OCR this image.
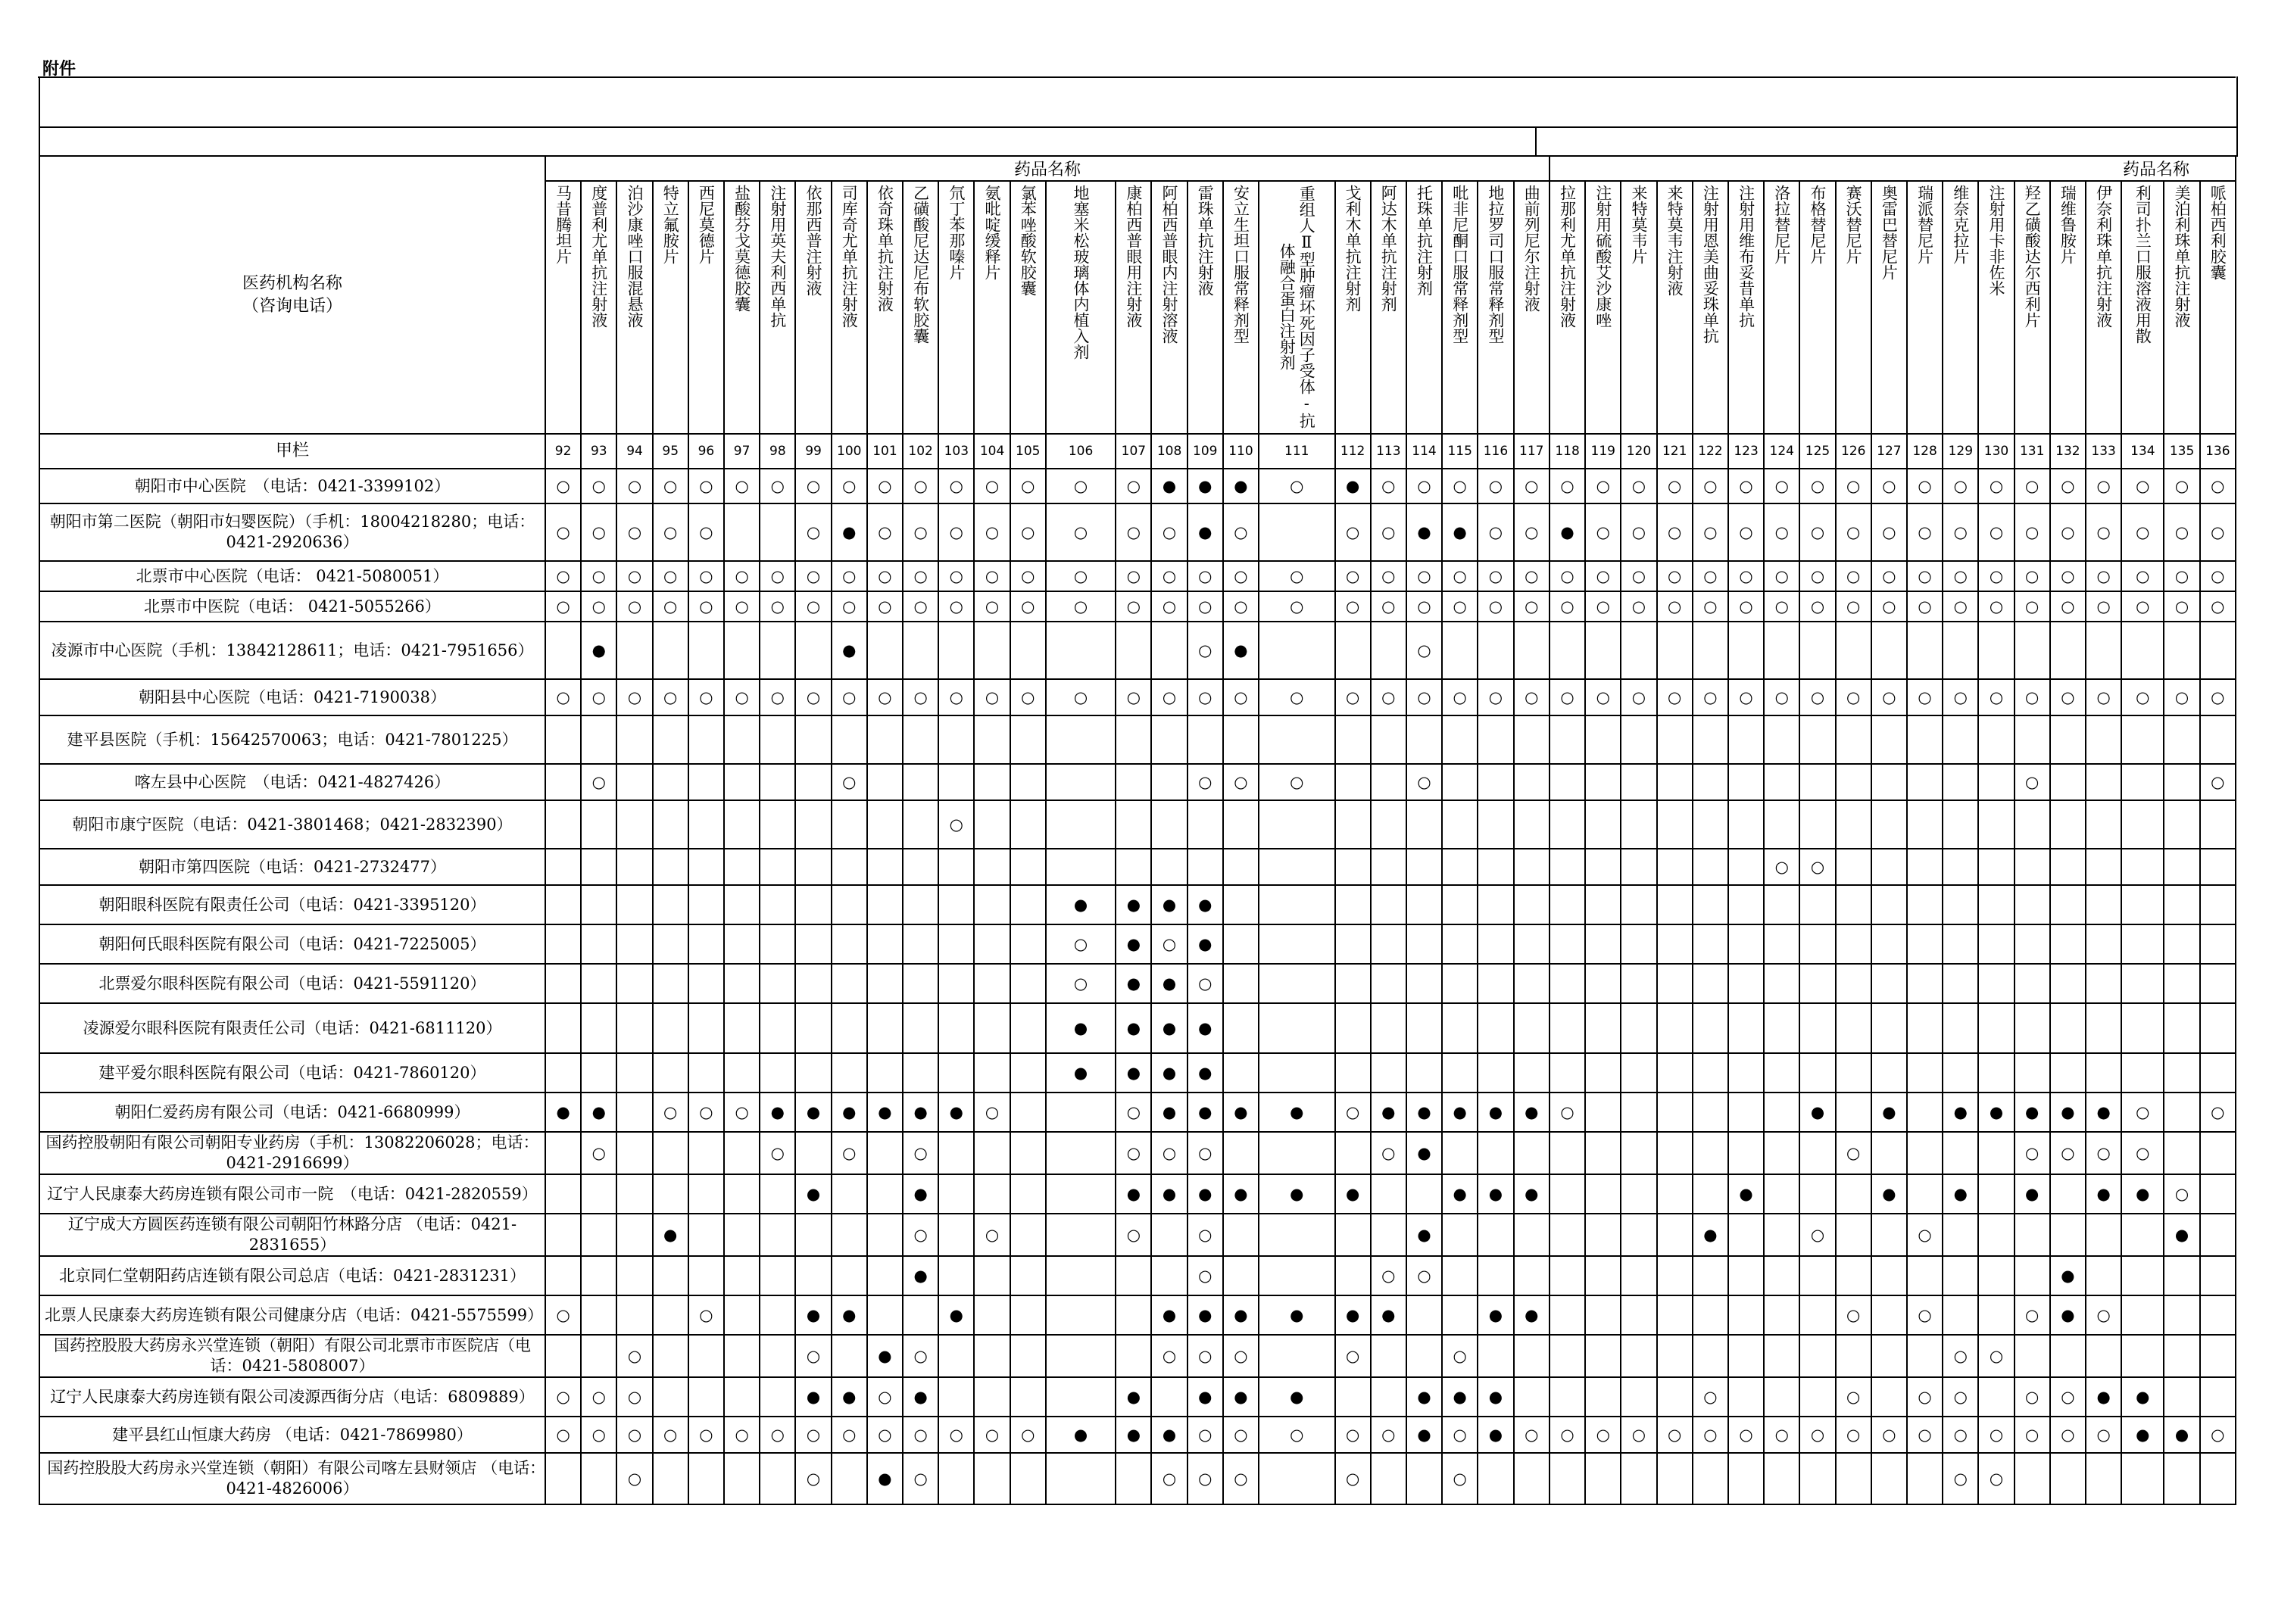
附件
医药机构名称
（咨询电话）	药品名称																										药品名称																		
	马昔腾坦片	度普利尤单抗注射液	泊沙康唑口服混悬液	特立氟胺片	西尼莫德片	盐酸芬戈莫德胶囊	注射用英夫利西单抗	依那西普注射液	司库奇尤单抗注射液	依奇珠单抗注射液	乙磺酸尼达尼布软胶囊	氘丁苯那嗪片	氨吡啶缓释片	氯苯唑酸软胶囊	地塞米松玻璃体内植入剂	康柏西普眼用注射液	阿柏西普眼内注射溶液	雷珠单抗注射液	安立生坦口服常释剂型	重组人Ⅱ型肿瘤坏死因子受体-抗体融合蛋白注射剂	戈利木单抗注射剂	阿达木单抗注射剂	托珠单抗注射剂	吡非尼酮口服常释剂型	地拉罗司口服常释剂型	曲前列尼尔注射液	拉那利尤单抗注射液	注射用硫酸艾沙康唑	来特莫韦片	来特莫韦注射液	注射用恩美曲妥珠单抗	注射用维布妥昔单抗	洛拉替尼片	布格替尼片	赛沃替尼片	奥雷巴替尼片	瑞派替尼片	维奈克拉片	注射用卡非佐米	羟乙磺酸达尔西利片	瑞维鲁胺片	伊奈利珠单抗注射液	利司扑兰口服溶液用散	美泊利珠单抗注射液	哌柏西利胶囊
甲栏	92	93	94	95	96	97	98	99	100	101	102	103	104	105	106	107	108	109	110	111	112	113	114	115	116	117	118	119	120	121	122	123	124	125	126	127	128	129	130	131	132	133	134	135	136
朝阳市中心医院　（电话：0421-3399102）	○	○	○	○	○	○	○	○	○	○	○	○	○	○	○	○	●	●	●	○	●	○	○	○	○	○	○	○	○	○	○	○	○	○	○	○	○	○	○	○	○	○	○	○	○
朝阳市第二医院（朝阳市妇婴医院）（手机：18004218280；电话： 0421-2920636）	○	○	○	○	○			○	●	○	○	○	○	○	○	○	○	●	○		○	○	●	●	○	○	●	○	○	○	○	○	○	○	○	○	○	○	○	○	○	○	○	○	○
北票市中心医院（电话： 0421-5080051）	○	○	○	○	○	○	○	○	○	○	○	○	○	○	○	○	○	○	○	○	○	○	○	○	○	○	○	○	○	○	○	○	○	○	○	○	○	○	○	○	○	○	○	○	○
北票市中医院（电话： 0421-5055266）	○	○	○	○	○	○	○	○	○	○	○	○	○	○	○	○	○	○	○	○	○	○	○	○	○	○	○	○	○	○	○	○	○	○	○	○	○	○	○	○	○	○	○	○	○
凌源市中心医院（手机：13842128611；电话：0421-7951656）		●							●									○	●				○																						
朝阳县中心医院（电话：0421-7190038）	○	○	○	○	○	○	○	○	○	○	○	○	○	○	○	○	○	○	○	○	○	○	○	○	○	○	○	○	○	○	○	○	○	○	○	○	○	○	○	○	○	○	○	○	○
建平县医院（手机：15642570063；电话：0421-7801225）																																													
喀左县中心医院　（电话：0421-4827426）		○							○									○	○	○			○																	○					○
朝阳市康宁医院（电话：0421-3801468；0421-2832390）												○																																	
朝阳市第四医院（电话：0421-2732477）																																	○	○											
朝阳眼科医院有限责任公司（电话：0421-3395120）															●	●	●	●																											
朝阳何氏眼科医院有限公司（电话：0421-7225005）															○	●	○	●																											
北票爱尔眼科医院有限公司（电话：0421-5591120）															○	●	●	○																											
凌源爱尔眼科医院有限责任公司（电话：0421-6811120）															●	●	●	●																											
建平爱尔眼科医院有限公司（电话：0421-7860120）															●	●	●	●																											
朝阳仁爱药房有限公司（电话：0421-6680999）	●	●		○	○	○	●	●	●	●	●	●	○			○	●	●	●	●	○	●	●	●	●	●	○							●		●		●	●	●	●	●	○		○
国药控股朝阳有限公司朝阳专业药房（手机：13082206028；电话：0421-2916699）		○					○		○		○					○	○	○				○	●												○					○	○	○	○		
辽宁人民康泰大药房连锁有限公司市一院　（电话：0421-2820559）								●			●					●	●	●	●	●	●			●	●	●						●				●		●		●		●	●	○	
辽宁成大方圆医药连锁有限公司朝阳竹林路分店 （电话：0421-2831655）				●							○		○			○		○					●								●			○			○							●	
北京同仁堂朝阳药店连锁有限公司总店（电话：0421-2831231）											●							○				○	○																		●				
北票人民康泰大药房连锁有限公司健康分店（电话：0421-5575599）	○				○			●	●			●					●	●	●	●	●	●			●	●									○		○			○	●	○			
国药控股股大药房永兴堂连锁（朝阳）有限公司北票市市医院店（电话：0421-5808007）			○					○		●	○						○	○	○		○			○														○	○						
辽宁人民康泰大药房连锁有限公司凌源西街分店（电话：6809889）	○	○	○					●	●	○	●					●		●	●	●			●	●	●						○				○		○	○		○	○	●	●		
建平县红山恒康大药房 （电话：0421-7869980）	○	○	○	○	○	○	○	○	○	○	○	○	○	○	●	●	●	○	○	○	○	○	●	○	●	○	○	○	○	○	○	○	○	○	○	○	○	○	○	○	○	○	●	●	○
国药控股股大药房永兴堂连锁（朝阳）有限公司喀左县财领店 （电话：　0421-4826006）			○					○		●	○						○	○	○		○			○														○	○						
